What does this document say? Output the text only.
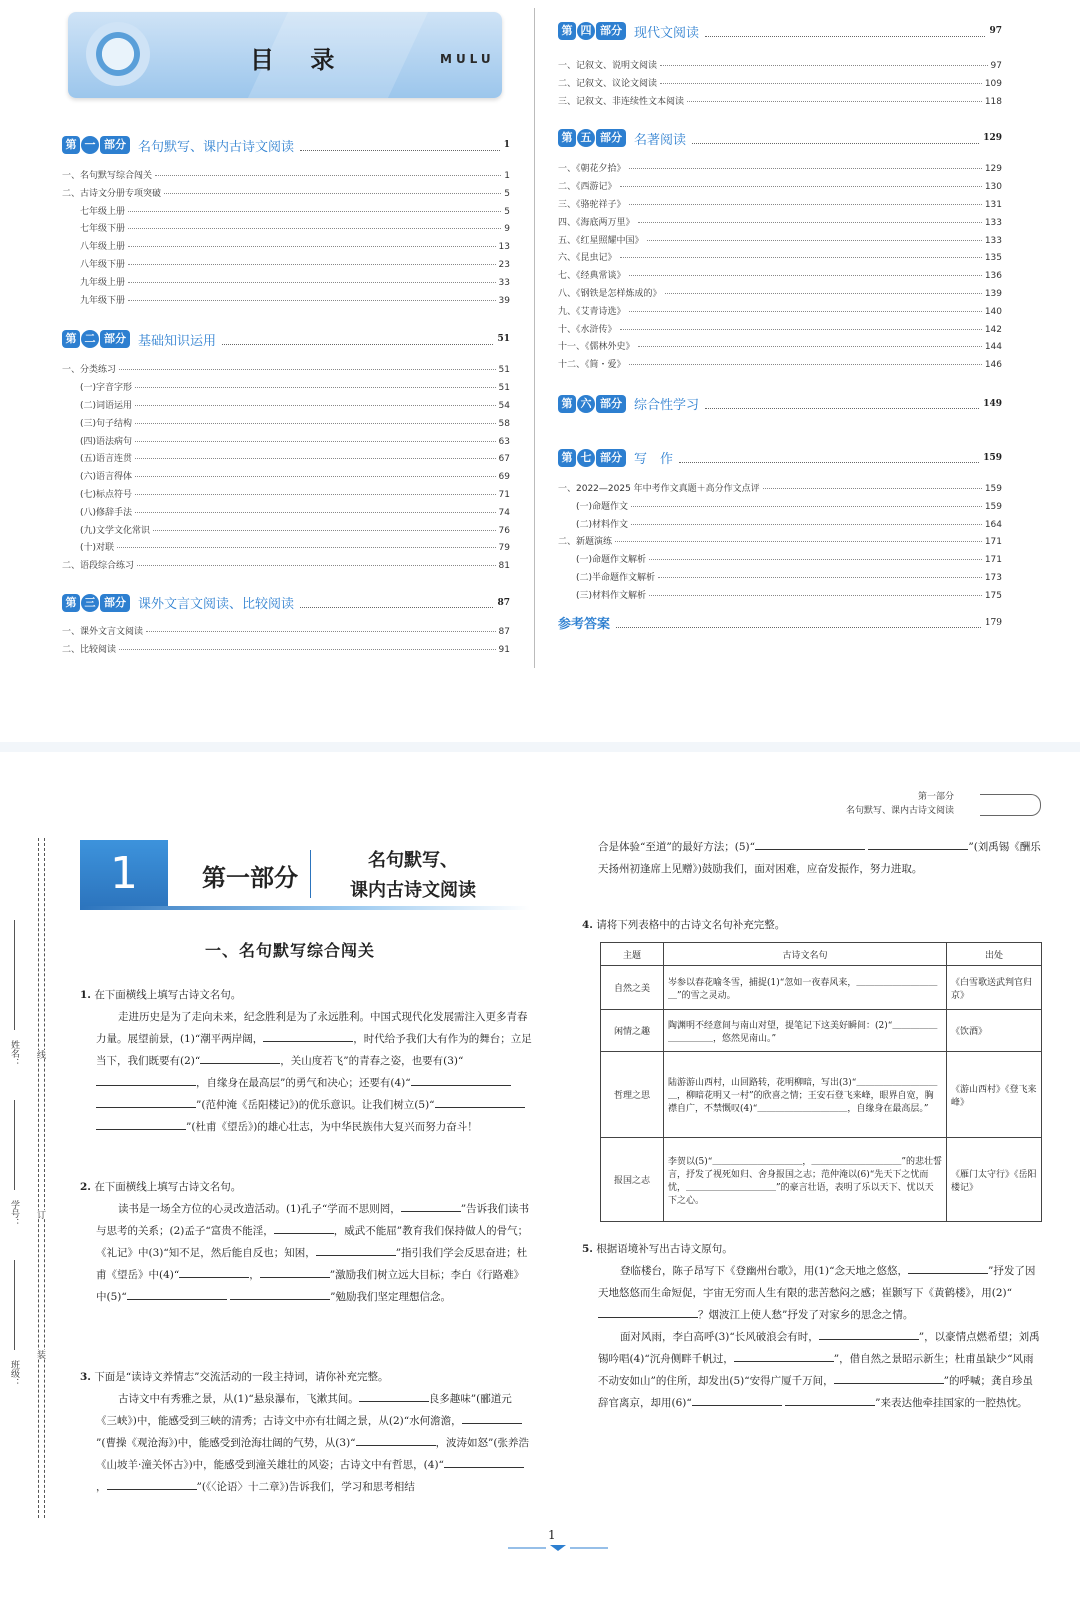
目 录	MULU
第 一 部分 名句默写、课内古诗文阅读	1
一、名句默写综合闯关	1
二、古诗文分册专项突破	5
七年级上册	5
七年级下册	9
八年级上册	13
八年级下册	23
九年级上册	33
九年级下册	39
第 二 部分 基础知识运用	51
一、分类练习	51
(一)字音字形	51
(二)词语运用	54
(三)句子结构	58
(四)语法病句	63
(五)语言连贯	67
(六)语言得体	69
(七)标点符号	71
(八)修辞手法	74
(九)文学文化常识	76
(十)对联	79
二、语段综合练习	81
第 三 部分 课外文言文阅读、比较阅读	87
一、课外文言文阅读	87
二、比较阅读	91
第 四 部分 现代文阅读	97
一、记叙文、说明文阅读	97
二、记叙文、议论文阅读	109
三、记叙文、非连续性文本阅读	118
第 五 部分 名著阅读	129
一、《朝花夕拾》	129
二、《西游记》	130
三、《骆驼祥子》	131
四、《海底两万里》	133
五、《红星照耀中国》	133
六、《昆虫记》	135
七、《经典常谈》	136
八、《钢铁是怎样炼成的》	139
九、《艾青诗选》	140
十、《水浒传》	142
十一、《儒林外史》	144
十二、《简・爱》	146
第 六 部分 综合性学习	149
第 七 部分 写　作	159
一、2022—2025 年中考作文真题＋高分作文点评	159
(一)命题作文	159
(二)材料作文	164
二、新题演练	171
(一)命题作文解析	171
(二)半命题作文解析	173
(三)材料作文解析	175
参考答案	179
第一部分
名句默写、课内古诗文阅读
姓名：
学号：
班级：
线
订
装
1	第一部分
名句默写、
课内古诗文阅读
一、名句默写综合闯关

1. 在下面横线上填写古诗文名句。

走进历史是为了走向未来，纪念胜利是为了永远胜利。中国式现代化发展需注入更多青春力量。展望前景，(1)“潮平两岸阔，	，时代给予我们大有作为的舞台；立足当下，我们既要有(2)“	，关山度若飞”的青春之姿，也要有(3)“，自缘身在最高层”的勇气和决心；还要有(4)“ ”(范仲淹《岳阳楼记》)的优乐意识。让我们树立(5)“ ”(杜甫《望岳》)的雄心壮志，为中华民族伟大复兴而努力奋斗！

2. 在下面横线上填写古诗文名句。

读书是一场全方位的心灵改造活动。(1)孔子“学而不思则罔，	”告诉我们读书与思考的关系；(2)孟子“富贵不能淫，	，威武不能屈”教育我们保持做人的骨气；《礼记》中(3)“知不足，然后能自反也；知困，	”指引我们学会反思奋进；杜甫《望岳》中(4)“	，	”激励我们树立远大目标；李白《行路难》中(5)“	”勉励我们坚定理想信念。

3. 下面是“读诗文养情志”交流活动的一段主持词，请你补充完整。

古诗文中有秀雅之景，从(1)“悬泉瀑布，飞漱其间。	良多趣味”(郦道元《三峡》)中，能感受到三峡的清秀；古诗文中亦有壮阔之景，从(2)“水何澹澹，”(曹操《观沧海》)中，能感受到沧海壮阔的气势，从(3)“	，波涛如怒”(张养浩《山坡羊·潼关怀古》)中，能感受到潼关雄壮的风姿；古诗文中有哲思，(4)“，	”(《〈论语〉十二章》)告诉我们，学习和思考相结

合是体验“至道”的最好方法；(5)“	”(刘禹锡《酬乐天扬州初逢席上见赠》)鼓励我们，面对困难，应奋发振作，努力进取。

4. 请将下列表格中的古诗文名句补充完整。

主题	古诗文名句	出处
自然之美	岑参以春花喻冬雪，捕捉(1)“忽如一夜春风来，＿＿＿＿＿＿＿＿＿＿”的雪之灵动。	《白雪歌送武判官归京》
闲情之趣	陶渊明不经意间与南山对望，提笔记下这美好瞬间：(2)“＿＿＿＿＿＿＿＿＿＿，悠然见南山。”	《饮酒》
哲理之思	陆游游山西村，山回路转，花明柳暗，写出(3)“＿＿＿＿＿＿＿＿＿＿，柳暗花明又一村”的欣喜之情；王安石登飞来峰，眼界自宽，胸襟自广，不禁慨叹(4)“＿＿＿＿＿＿＿＿＿＿，自缘身在最高层。”	《游山西村》《登飞来峰》
报国之志	李贺以(5)“＿＿＿＿＿＿＿＿＿＿，＿＿＿＿＿＿＿＿＿＿”的悲壮誓言，抒发了视死如归、舍身报国之志；范仲淹以(6)“先天下之忧而忧，＿＿＿＿＿＿＿＿＿＿”的豪言壮语，表明了乐以天下、忧以天下之心。	《雁门太守行》《岳阳楼记》

5. 根据语境补写出古诗文原句。

登临楼台，陈子昂写下《登幽州台歌》，用(1)“念天地之悠悠，	”抒发了因天地悠悠而生命短促，宇宙无穷而人生有限的悲苦愁闷之感；崔颢写下《黄鹤楼》，用(2)“？烟波江上使人愁”抒发了对家乡的思念之情。

面对风雨，李白高呼(3)“长风破浪会有时，	”，以豪情点燃希望；刘禹锡吟唱(4)“沉舟侧畔千帆过，	”，借自然之景昭示新生；杜甫虽缺少“风雨不动安如山”的住所，却发出(5)“安得广厦千万间，	”的呼喊；龚自珍虽辞官离京，却用(6)“	”来表达他牵挂国家的一腔热忱。

1
